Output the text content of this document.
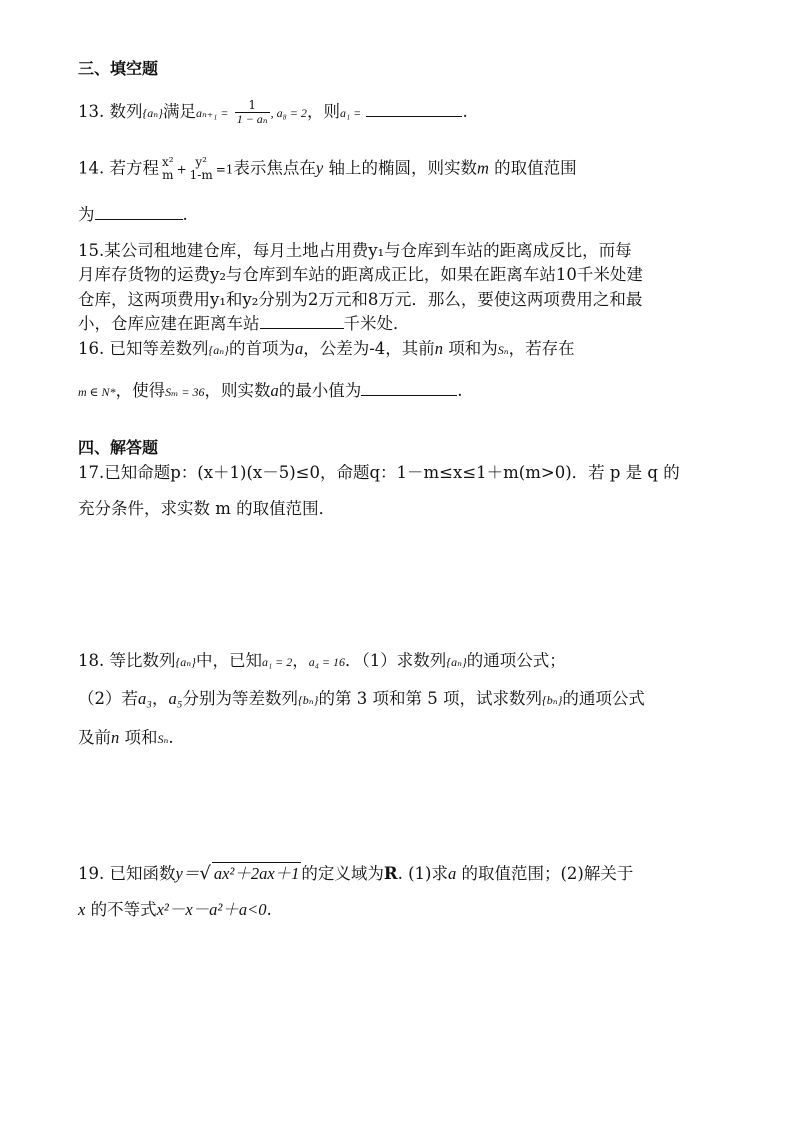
三、填空题
13. 数列{aₙ}满足$a_{n+1} = \frac{1}{\text{1 − aₙ}}$ , a₈ = 2，则a₁ =	.
14. 若方程 x²
m +
y²
1-m =1表示焦点在y 轴上的椭圆，则实数m 的取值范围
为	.
15.某公司租地建仓库，每月土地占用费y₁与仓库到车站的距离成反比，而每
月库存货物的运费y₂与仓库到车站的距离成正比，如果在距离车站10千米处建
仓库，这两项费用y₁和y₂分别为2万元和8万元．那么，要使这两项费用之和最
小，仓库应建在距离车站	千米处．
16. 已知等差数列{aₙ}的首项为a，公差为-4，其前n 项和为Sₙ，若存在
m ∈ N*，使得Sₘ = 36，则实数a的最小值为	.
四、解答题
17.已知命题p：(x＋1)(x－5)≤0，命题q：1－m≤x≤1＋m(m>0)．若 p 是 q 的
充分条件，求实数 m 的取值范围．
18. 等比数列{aₙ}中，已知a₁ = 2，a₄ = 16．（1）求数列{aₙ}的通项公式；
（2）若a₃，a₅分别为等差数列{bₙ}的第 3 项和第 5 项，试求数列{bₙ}的通项公式
及前n 项和Sₙ.
19. 已知函数y＝√ ax²＋2ax＋1 的定义域为R. (1)求a 的取值范围；(2)解关于
x 的不等式x²－x－a²＋a<0.
